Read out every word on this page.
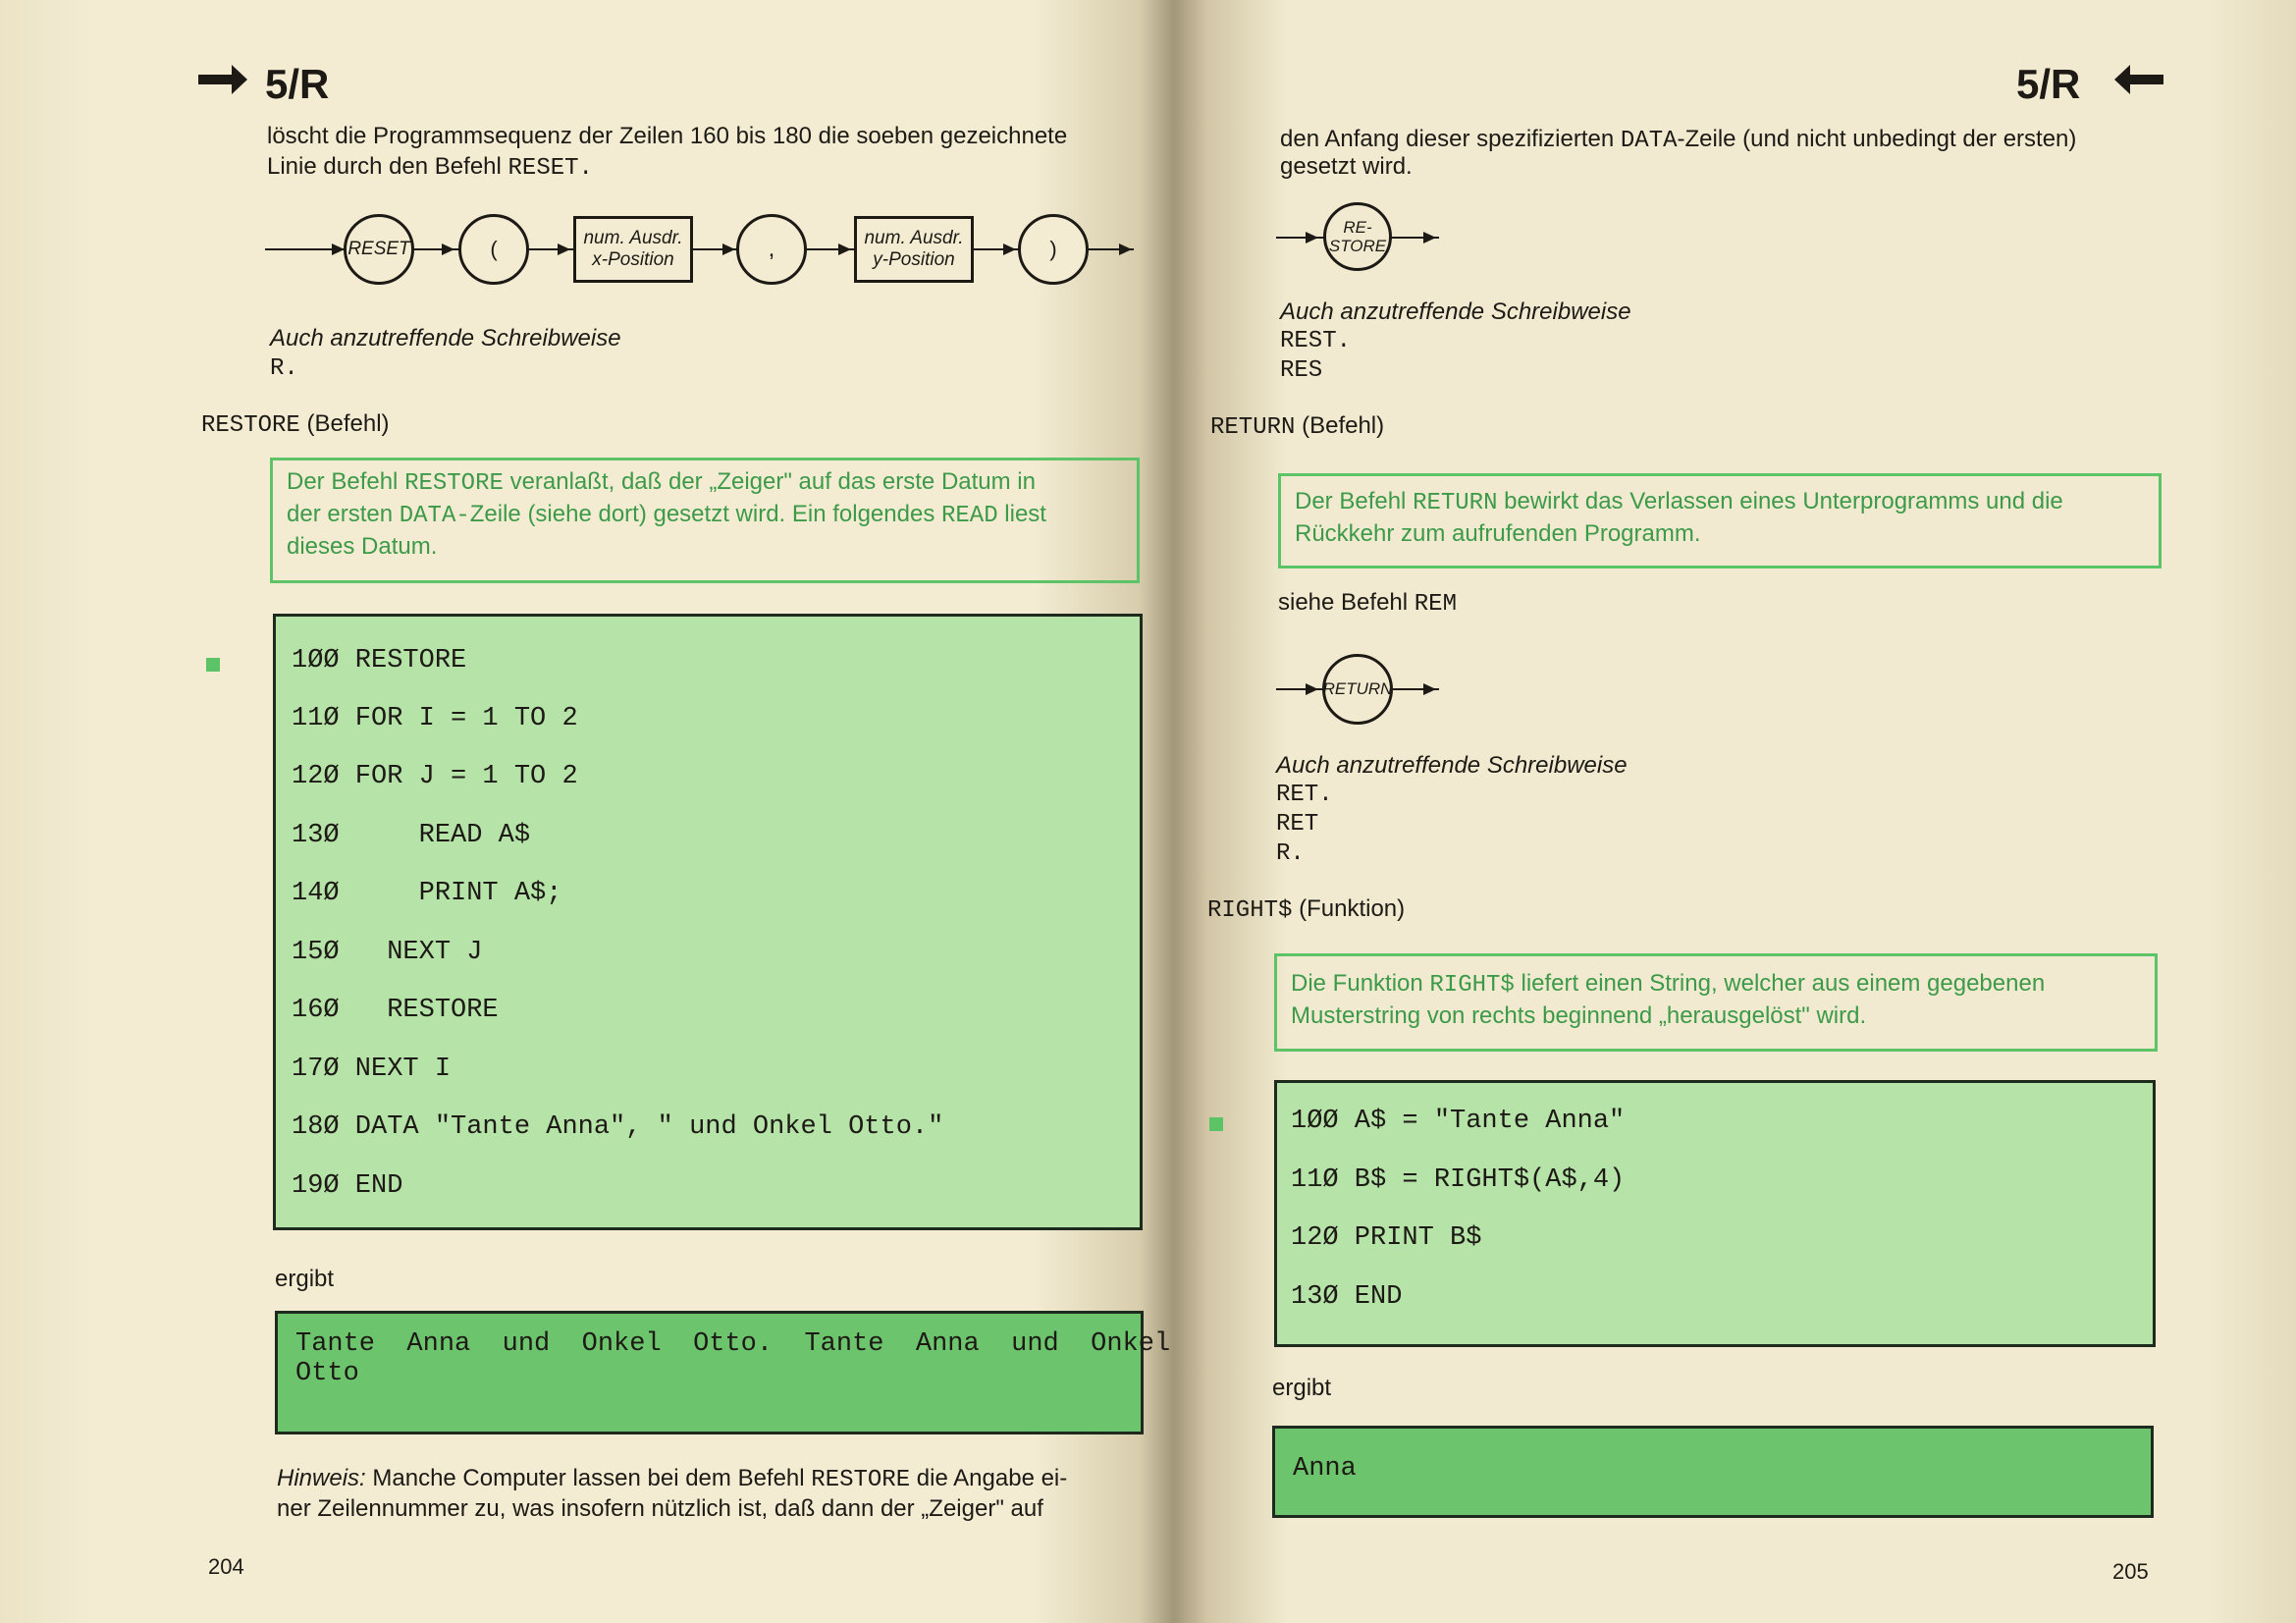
5/R
löscht die Programmsequenz der Zeilen 160 bis 180 die soeben gezeichnete
Linie durch den Befehl RESET.
RESET	(	num. Ausdr.
x-Position	,	num. Ausdr.
y-Position	)
Auch anzutreffende Schreibweise
R.
RESTORE (Befehl)
Der Befehl RESTORE veranlaßt, daß der „Zeiger" auf das erste Datum in
der ersten DATA-Zeile (siehe dort) gesetzt wird. Ein folgendes READ liest
dieses Datum.
1ØØ RESTORE
11Ø FOR I = 1 TO 2
12Ø FOR J = 1 TO 2
13Ø     READ A$
14Ø     PRINT A$;
15Ø   NEXT J
16Ø   RESTORE
17Ø NEXT I
18Ø DATA "Tante Anna", " und Onkel Otto."
19Ø END
ergibt
Tante  Anna  und  Onkel  Otto.  Tante  Anna  und  Onkel
Otto
Hinweis: Manche Computer lassen bei dem Befehl RESTORE die Angabe ei-
ner Zeilennummer zu, was insofern nützlich ist, daß dann der „Zeiger" auf
204
5/R
den Anfang dieser spezifizierten DATA-Zeile (und nicht unbedingt der ersten)
gesetzt wird.
RE-
STORE
Auch anzutreffende Schreibweise
REST.
RES
RETURN (Befehl)
Der Befehl RETURN bewirkt das Verlassen eines Unterprogramms und die
Rückkehr zum aufrufenden Programm.
siehe Befehl REM
RETURN
Auch anzutreffende Schreibweise
RET.
RET
R.
RIGHT$ (Funktion)
Die Funktion RIGHT$ liefert einen String, welcher aus einem gegebenen
Musterstring von rechts beginnend „herausgelöst" wird.
1ØØ A$ = "Tante Anna"
11Ø B$ = RIGHT$(A$,4)
12Ø PRINT B$
13Ø END
ergibt
Anna
205
